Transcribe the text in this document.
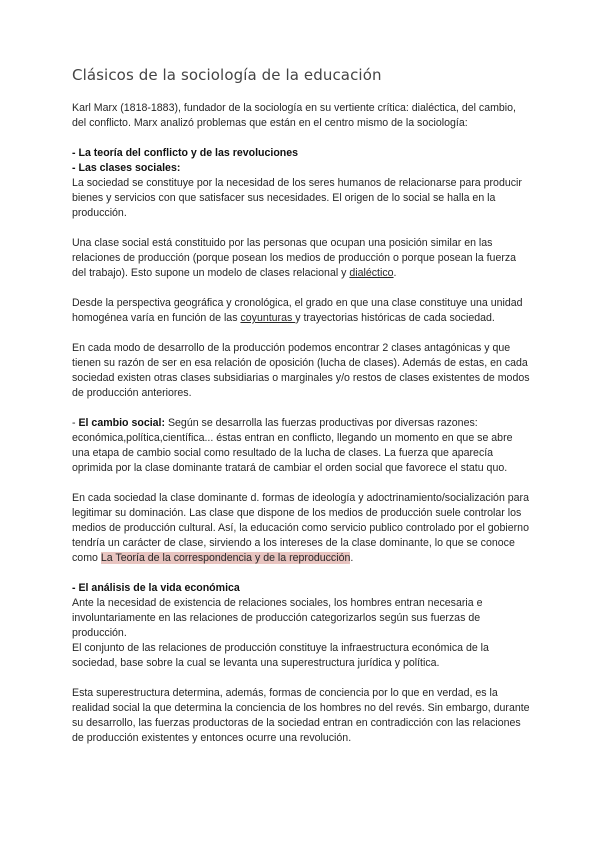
Clásicos de la sociología de la educación

Karl Marx (1818-1883), fundador de la sociología en su vertiente crítica: dialéctica, del cambio, del conflicto. Marx analizó problemas que están en el centro mismo de la sociología:

- La teoría del conflicto y de las revoluciones

- Las clases sociales:

La sociedad se constituye por la necesidad de los seres humanos de relacionarse para producir bienes y servicios con que satisfacer sus necesidades. El origen de lo social se halla en la producción.

Una clase social está constituido por las personas que ocupan una posición similar en las relaciones de producción (porque posean los medios de producción o porque posean la fuerza del trabajo). Esto supone un modelo de clases relacional y dialéctico.

Desde la perspectiva geográfica y cronológica, el grado en que una clase constituye una unidad homogénea varía en función de las coyunturas y trayectorias históricas de cada sociedad.

En cada modo de desarrollo de la producción podemos encontrar 2 clases antagónicas y que tienen su razón de ser en esa relación de oposición (lucha de clases). Además de estas, en cada sociedad existen otras clases subsidiarias o marginales y/o restos de clases existentes de modos de producción anteriores.

- El cambio social: Según se desarrolla las fuerzas productivas por diversas razones: económica,política,científica... éstas entran en conflicto, llegando un momento en que se abre una etapa de cambio social como resultado de la lucha de clases. La fuerza que aparecía oprimida por la clase dominante tratará de cambiar el orden social que favorece el statu quo.

En cada sociedad la clase dominante d. formas de ideología y adoctrinamiento/socialización para legitimar su dominación. Las clase que dispone de los medios de producción suele controlar los medios de producción cultural. Así, la educación como servicio publico controlado por el gobierno tendría un carácter de clase, sirviendo a los intereses de la clase dominante, lo que se conoce como La Teoría de la correspondencia y de la reproducción.

- El análisis de la vida económica

Ante la necesidad de existencia de relaciones sociales, los hombres entran necesaria e involuntariamente en las relaciones de producción categorizarlos según sus fuerzas de producción.

El conjunto de las relaciones de producción constituye la infraestructura económica de la sociedad, base sobre la cual se levanta una superestructura jurídica y política.

Esta superestructura determina, además, formas de conciencia por lo que en verdad, es la realidad social la que determina la conciencia de los hombres no del revés. Sin embargo, durante su desarrollo, las fuerzas productoras de la sociedad entran en contradicción con las relaciones de producción existentes y entonces ocurre una revolución.
